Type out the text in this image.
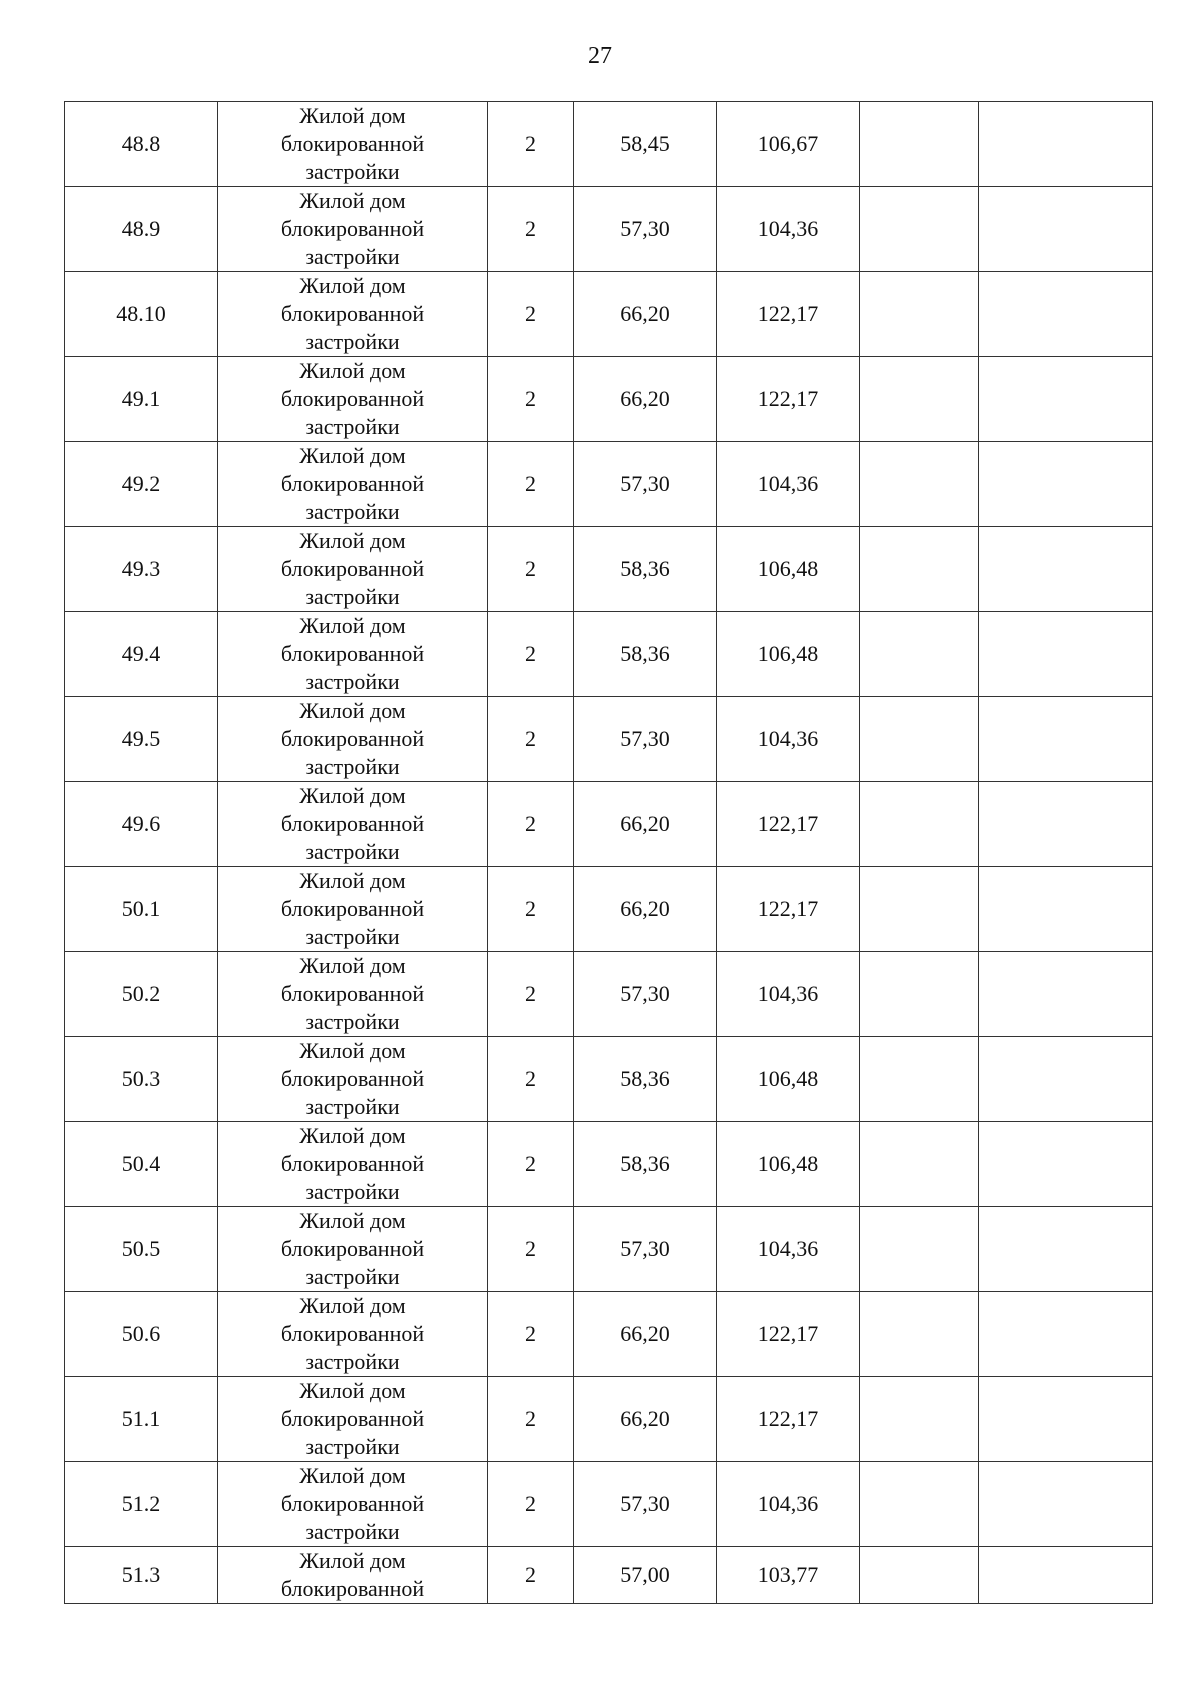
27
48.8	Жилой дом
блокированной
застройки	2	58,45	106,67		
48.9	Жилой дом
блокированной
застройки	2	57,30	104,36		
48.10	Жилой дом
блокированной
застройки	2	66,20	122,17		
49.1	Жилой дом
блокированной
застройки	2	66,20	122,17		
49.2	Жилой дом
блокированной
застройки	2	57,30	104,36		
49.3	Жилой дом
блокированной
застройки	2	58,36	106,48		
49.4	Жилой дом
блокированной
застройки	2	58,36	106,48		
49.5	Жилой дом
блокированной
застройки	2	57,30	104,36		
49.6	Жилой дом
блокированной
застройки	2	66,20	122,17		
50.1	Жилой дом
блокированной
застройки	2	66,20	122,17		
50.2	Жилой дом
блокированной
застройки	2	57,30	104,36		
50.3	Жилой дом
блокированной
застройки	2	58,36	106,48		
50.4	Жилой дом
блокированной
застройки	2	58,36	106,48		
50.5	Жилой дом
блокированной
застройки	2	57,30	104,36		
50.6	Жилой дом
блокированной
застройки	2	66,20	122,17		
51.1	Жилой дом
блокированной
застройки	2	66,20	122,17		
51.2	Жилой дом
блокированной
застройки	2	57,30	104,36		
51.3	Жилой дом
блокированной	2	57,00	103,77		
